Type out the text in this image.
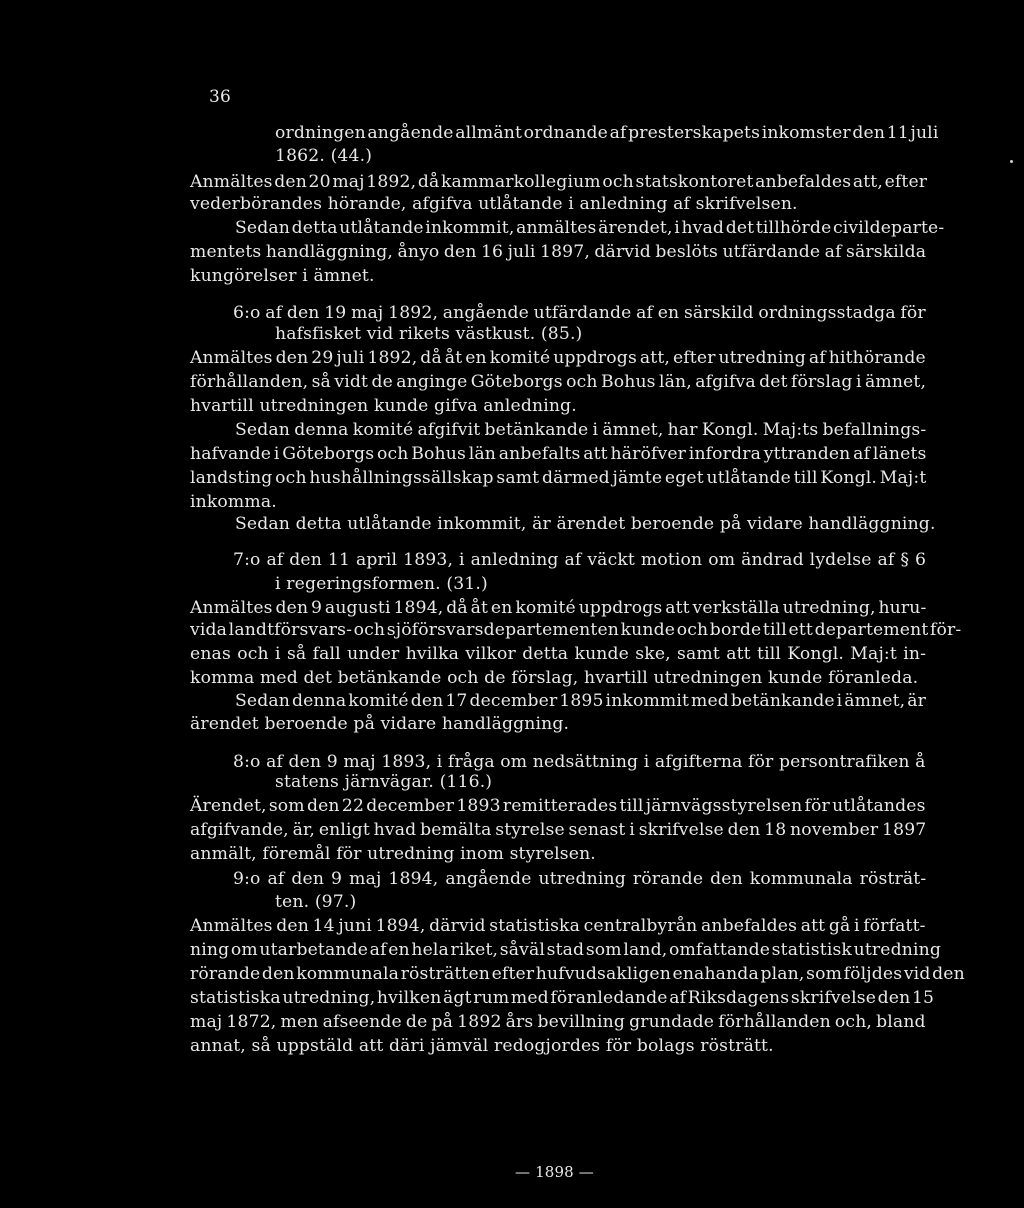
36
ordningen angående allmänt ordnande af presterskapets inkomster den 11 juli
1862. (44.)
Anmältes den 20 maj 1892, då kammarkollegium och statskontoret anbefaldes att, efter
vederbörandes hörande, afgifva utlåtande i anledning af skrifvelsen.
Sedan detta utlåtande inkommit, anmältes ärendet, i hvad det tillhörde civildeparte-
mentets handläggning, ånyo den 16 juli 1897, därvid beslöts utfärdande af särskilda
kungörelser i ämnet.
6:o af den 19 maj 1892, angående utfärdande af en särskild ordningsstadga för
hafsfisket vid rikets västkust. (85.)
Anmältes den 29 juli 1892, då åt en komité uppdrogs att, efter utredning af hithörande
förhållanden, så vidt de anginge Göteborgs och Bohus län, afgifva det förslag i ämnet,
hvartill utredningen kunde gifva anledning.
Sedan denna komité afgifvit betänkande i ämnet, har Kongl. Maj:ts befallnings-
hafvande i Göteborgs och Bohus län anbefalts att häröfver infordra yttranden af länets
landsting och hushållningssällskap samt därmed jämte eget utlåtande till Kongl. Maj:t
inkomma.
Sedan detta utlåtande inkommit, är ärendet beroende på vidare handläggning.
7:o af den 11 april 1893, i anledning af väckt motion om ändrad lydelse af § 6
i regeringsformen. (31.)
Anmältes den 9 augusti 1894, då åt en komité uppdrogs att verkställa utredning, huru-
vida landtförsvars- och sjöförsvarsdepartementen kunde och borde till ett departement för-
enas och i så fall under hvilka vilkor detta kunde ske, samt att till Kongl. Maj:t in-
komma med det betänkande och de förslag, hvartill utredningen kunde föranleda.
Sedan denna komité den 17 december 1895 inkommit med betänkande i ämnet, är
ärendet beroende på vidare handläggning.
8:o af den 9 maj 1893, i fråga om nedsättning i afgifterna för persontrafiken å
statens järnvägar. (116.)
Ärendet, som den 22 december 1893 remitterades till järnvägsstyrelsen för utlåtandes
afgifvande, är, enligt hvad bemälta styrelse senast i skrifvelse den 18 november 1897
anmält, föremål för utredning inom styrelsen.
9:o af den 9 maj 1894, angående utredning rörande den kommunala rösträt-
ten. (97.)
Anmältes den 14 juni 1894, därvid statistiska centralbyrån anbefaldes att gå i författ-
ning om utarbetande af en hela riket, såväl stad som land, omfattande statistisk utredning
rörande den kommunala rösträtten efter hufvudsakligen enahanda plan, som följdes vid den
statistiska utredning, hvilken ägt rum med föranledande af Riksdagens skrifvelse den 15
maj 1872, men afseende de på 1892 års bevillning grundade förhållanden och, bland
annat, så uppstäld att däri jämväl redogjordes för bolags rösträtt.
— 1898 —
